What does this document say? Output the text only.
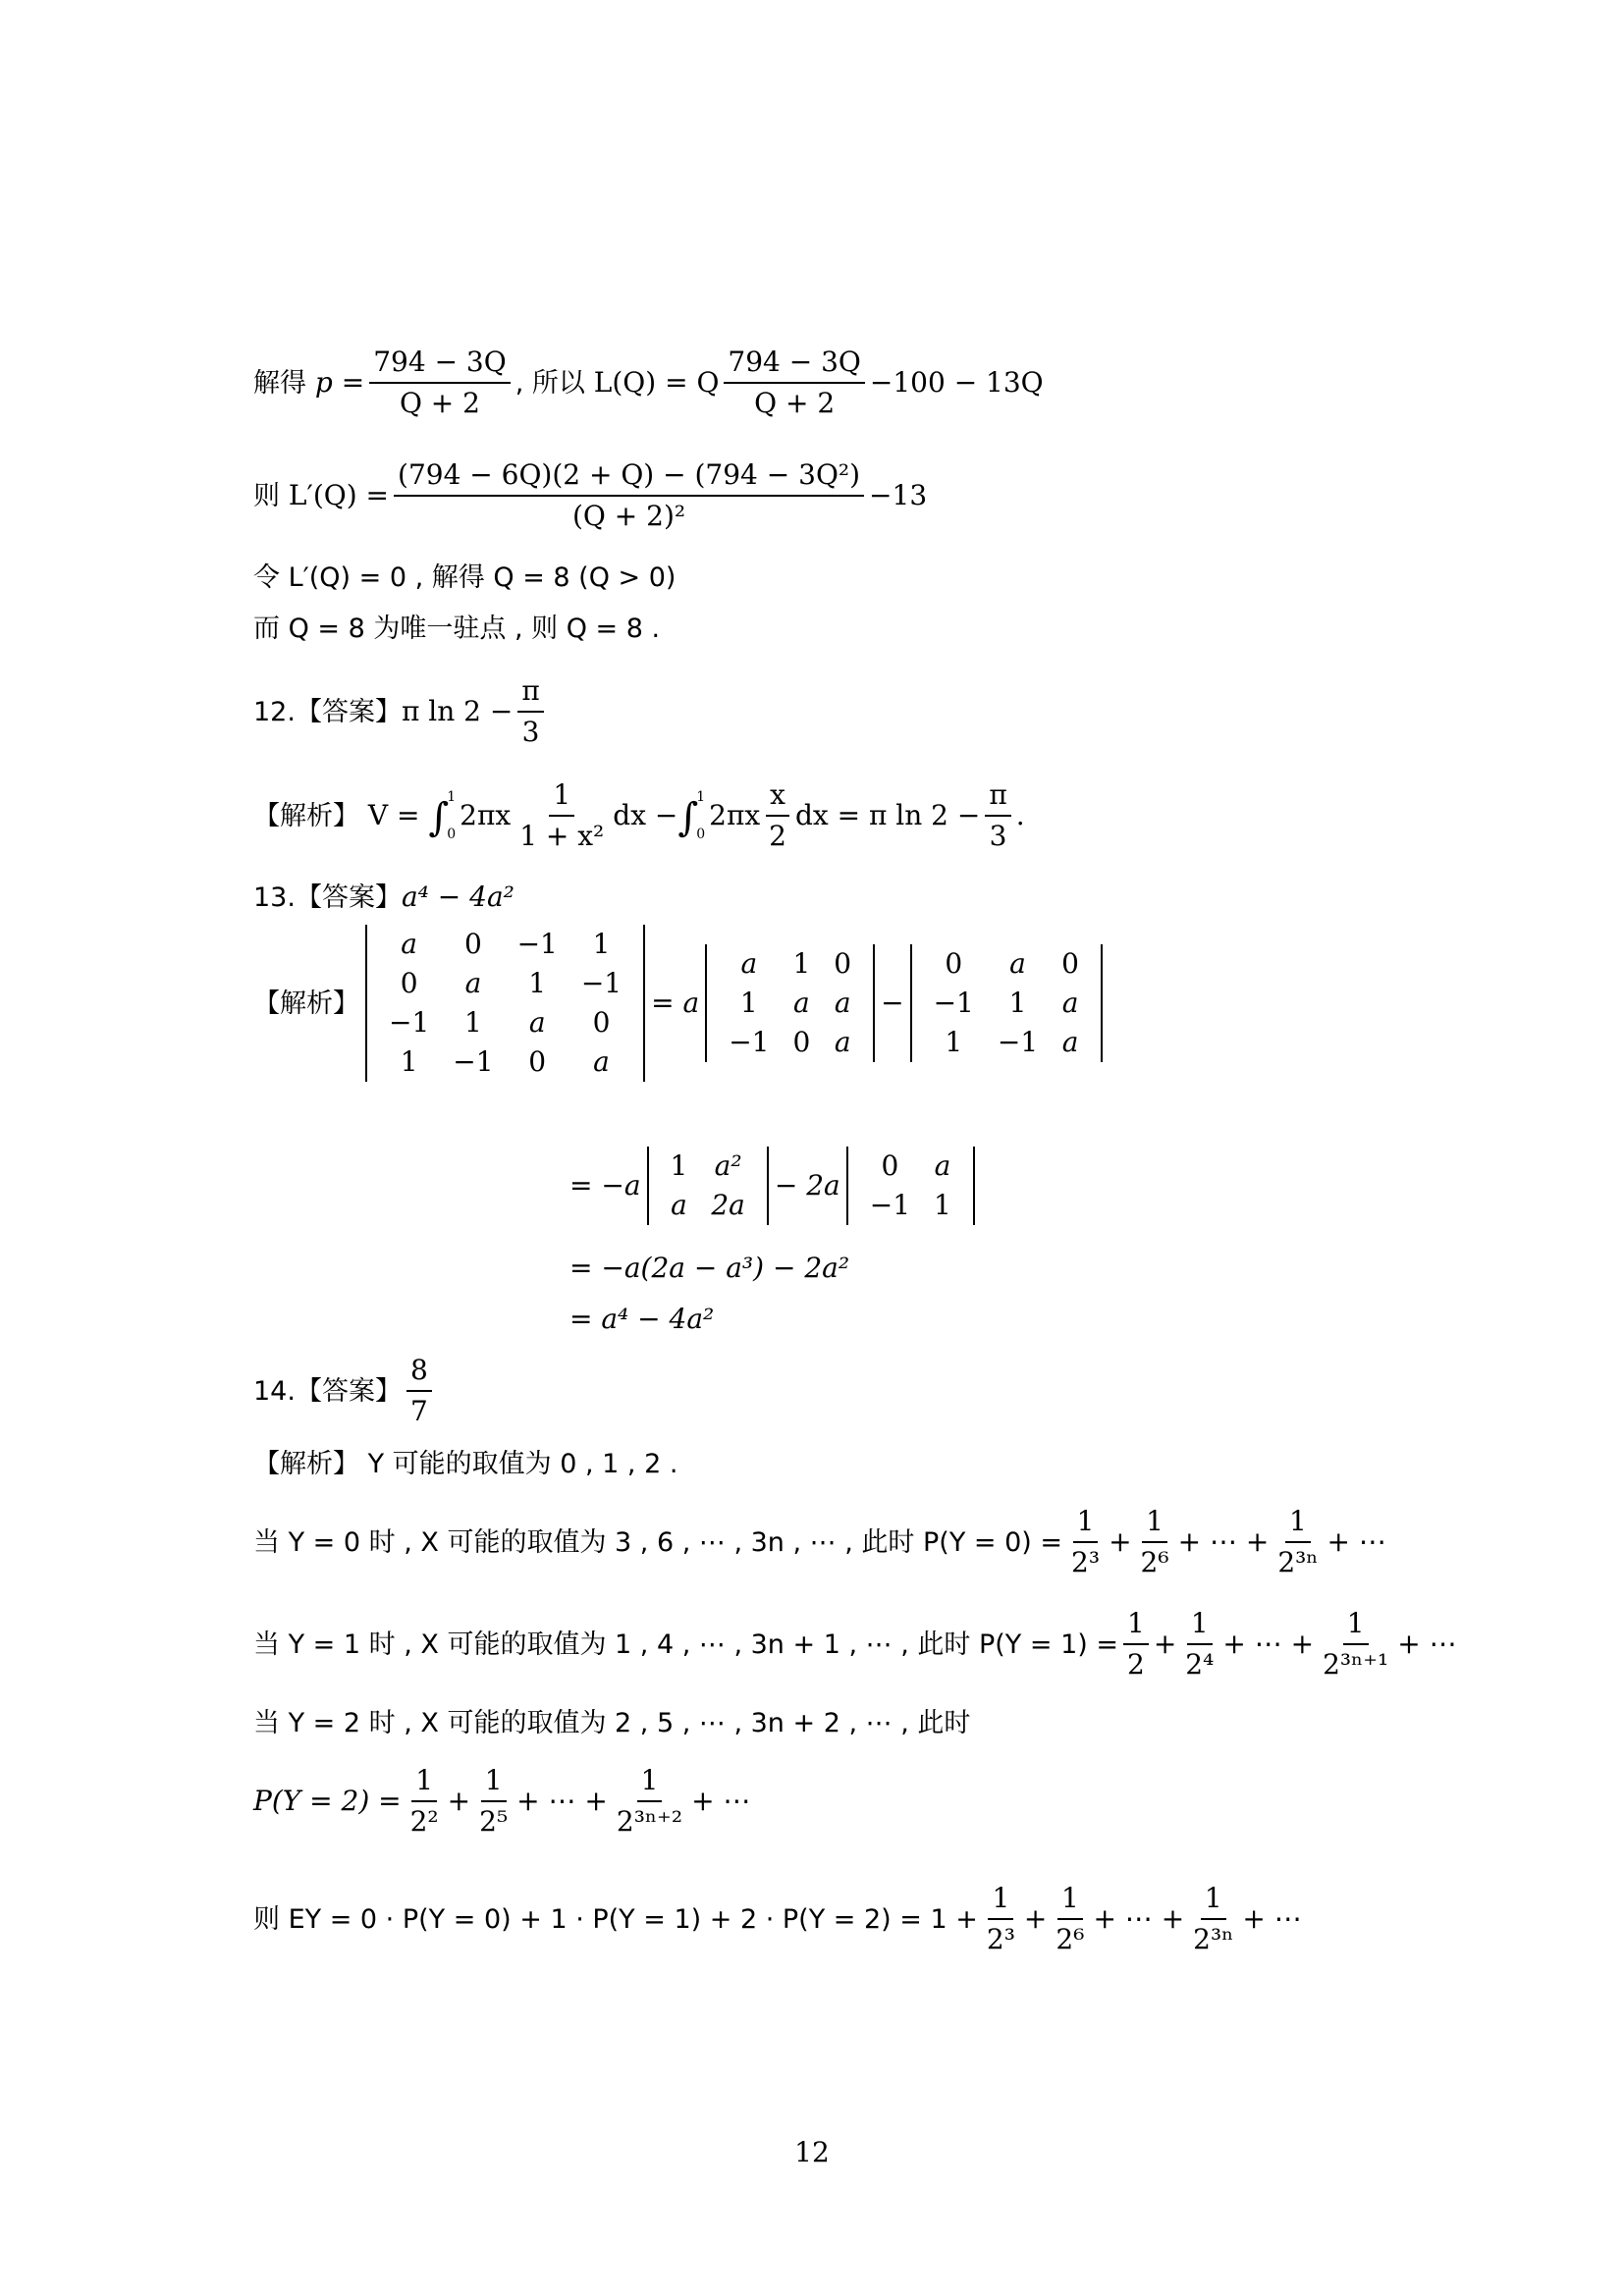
解得
p
= $\frac{794 - 3Q}{Q + 2}$ , 所以
L(Q) = Q $\frac{794 - 3Q}{Q + 2} -100 - 13Q$
则
$L'(Q) = \frac{\text{(794 − 6Q)(2 + Q) − (794 − 3Q²)}}{\text{(Q + 2)²}} -13$
令 L′(Q) = 0 , 解得 Q = 8 (Q > 0)
而 Q = 8 为唯一驻点 , 则 Q = 8 .
12.【答案】 π $\ln 2 - \frac{\pi}{3}$
【解析】
V =
∫
1
0
$2\pi x \frac{1}{\text{1 + x²}}$ dx − ∫
1
0
$2\pi x \frac{x}{2}$ dx = π $\ln 2 - \frac{\pi}{3}$ .
13.【答案】 a⁴ − 4a²
【解析】
a	0	−1	1
0	a	1	−1
−1	1	a	0
1	−1	0	a
= a
a	1	0
1	a	a
−1	0	a
−
0	a	0
−1	1	a
1	−1	a
= −a
1	a²
a	2a
− 2a
0	a
−1	1
= −a(2a − a³) − 2a²
= a⁴ − 4a²
14.【答案】 $\frac{8}{7}$
【解析】 Y 可能的取值为 0 , 1 , 2 .
当 Y = 0 时 , X 可能的取值为 3 , 6 , ⋯ , 3n , ⋯ , 此时 $P(Y = 0) = \frac{1}{\text{2³}} + \frac{1}{\text{2⁶}}$ + ⋯ + $\frac{1}{\text{2³ⁿ}}$ + ⋯
当 Y = 1 时 , X 可能的取值为 1 , 4 , ⋯ , 3n + 1 , ⋯ , 此时 $P(Y = 1) = \frac{1}{2} + \frac{1}{\text{2⁴}}$ + ⋯ + $\frac{1}{\text{2³ⁿ⁺¹}}$ + ⋯
当 Y = 2 时 , X 可能的取值为 2 , 5 , ⋯ , 3n + 2 , ⋯ , 此时
$P(Y = 2) = \frac{1}{\text{2²}} + \frac{1}{\text{2⁵}}$ + ⋯ + $\frac{1}{\text{2³ⁿ⁺²}}$ + ⋯
则 EY = $0 \cdot P(Y = 0) + 1 \cdot P(Y = 1) + 2 \cdot P(Y = 2) = 1 + \frac{1}{\text{2³}} + \frac{1}{\text{2⁶}}$ + ⋯ + $\frac{1}{\text{2³ⁿ}}$ + ⋯
12
